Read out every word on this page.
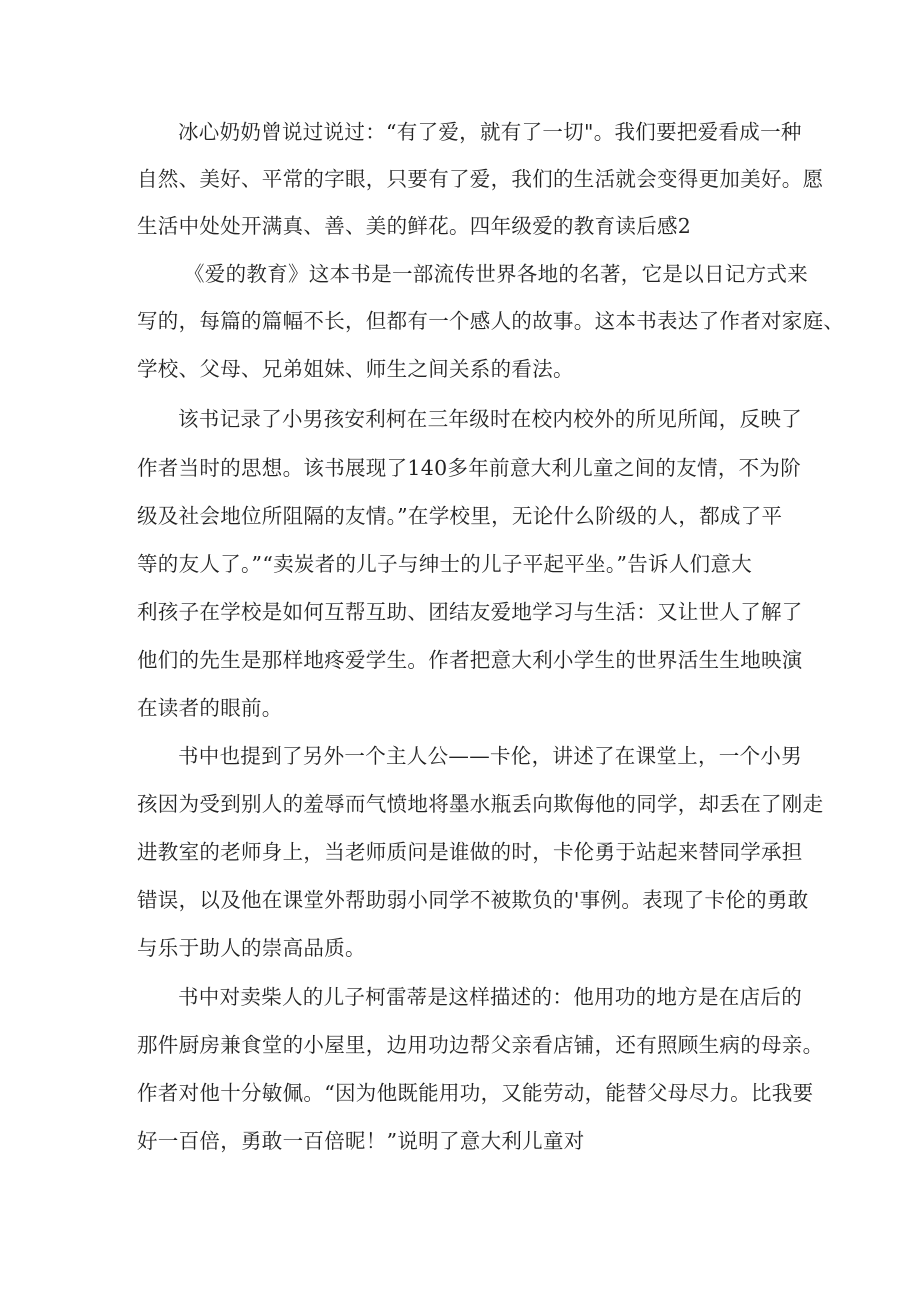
冰心奶奶曾说过说过：“有了爱，就有了一切"。我们要把爱看成一种

自然、美好、平常的字眼，只要有了爱，我们的生活就会变得更加美好。愿

生活中处处开满真、善、美的鲜花。四年级爱的教育读后感2

《爱的教育》这本书是一部流传世界各地的名著，它是以日记方式来

写的，每篇的篇幅不长，但都有一个感人的故事。这本书表达了作者对家庭、

学校、父母、兄弟姐妹、师生之间关系的看法。

该书记录了小男孩安利柯在三年级时在校内校外的所见所闻，反映了

作者当时的思想。该书展现了140多年前意大利儿童之间的友情，不为阶

级及社会地位所阻隔的友情。”在学校里，无论什么阶级的人，都成了平

等的友人了。”“卖炭者的儿子与绅士的儿子平起平坐。”告诉人们意大

利孩子在学校是如何互帮互助、团结友爱地学习与生活：又让世人了解了

他们的先生是那样地疼爱学生。作者把意大利小学生的世界活生生地映演

在读者的眼前。

书中也提到了另外一个主人公——卡伦，讲述了在课堂上，一个小男

孩因为受到别人的羞辱而气愤地将墨水瓶丢向欺侮他的同学，却丢在了刚走

进教室的老师身上，当老师质问是谁做的时，卡伦勇于站起来替同学承担

错误，以及他在课堂外帮助弱小同学不被欺负的'事例。表现了卡伦的勇敢

与乐于助人的崇高品质。

书中对卖柴人的儿子柯雷蒂是这样描述的：他用功的地方是在店后的

那件厨房兼食堂的小屋里，边用功边帮父亲看店铺，还有照顾生病的母亲。

作者对他十分敏佩。“因为他既能用功，又能劳动，能替父母尽力。比我要

好一百倍，勇敢一百倍昵！”说明了意大利儿童对
